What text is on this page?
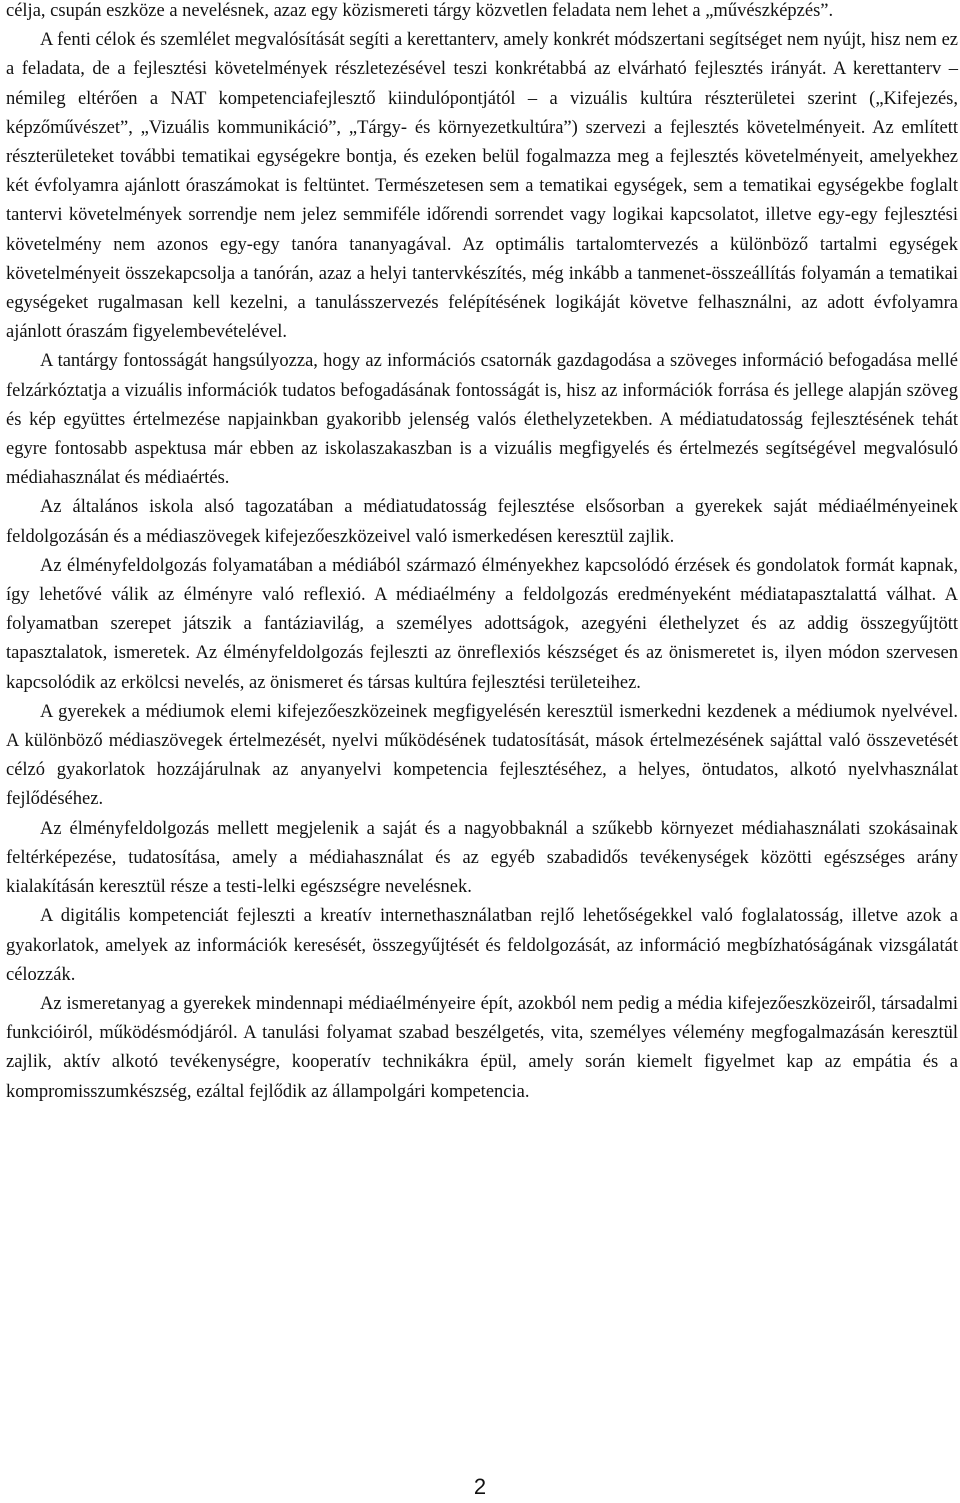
célja, csupán eszköze a nevelésnek, azaz egy közismereti tárgy közvetlen feladata nem lehet a „művészképzés”.

A fenti célok és szemlélet megvalósítását segíti a kerettanterv, amely konkrét módszertani segítséget nem nyújt, hisz nem ez a feladata, de a fejlesztési követelmények részletezésével teszi konkrétabbá az elvárható fejlesztés irányát. A kerettanterv – némileg eltérően a NAT kompetenciafejlesztő kiindulópontjától – a vizuális kultúra részterületei szerint („Kifejezés, képzőművészet”, „Vizuális kommunikáció”, „Tárgy- és környezetkultúra”) szervezi a fejlesztés követelményeit. Az említett részterületeket további tematikai egységekre bontja, és ezeken belül fogalmazza meg a fejlesztés követelményeit, amelyekhez két évfolyamra ajánlott óraszámokat is feltüntet. Természetesen sem a tematikai egységek, sem a tematikai egységekbe foglalt tantervi követelmények sorrendje nem jelez semmiféle időrendi sorrendet vagy logikai kapcsolatot, illetve egy-egy fejlesztési követelmény nem azonos egy-egy tanóra tananyagával. Az optimális tartalomtervezés a különböző tartalmi egységek követelményeit összekapcsolja a tanórán, azaz a helyi tantervkészítés, még inkább a tanmenet-összeállítás folyamán a tematikai egységeket rugalmasan kell kezelni, a tanulásszervezés felépítésének logikáját követve felhasználni, az adott évfolyamra ajánlott óraszám figyelembevételével.

A tantárgy fontosságát hangsúlyozza, hogy az információs csatornák gazdagodása a szöveges információ befogadása mellé felzárkóztatja a vizuális információk tudatos befogadásának fontosságát is, hisz az információk forrása és jellege alapján szöveg és kép együttes értelmezése napjainkban gyakoribb jelenség valós élethelyzetekben. A médiatudatosság fejlesztésének tehát egyre fontosabb aspektusa már ebben az iskolaszakaszban is a vizuális megfigyelés és értelmezés segítségével megvalósuló médiahasználat és médiaértés.

Az általános iskola alsó tagozatában a médiatudatosság fejlesztése elsősorban a gyerekek saját médiaélményeinek feldolgozásán és a médiaszövegek kifejezőeszközeivel való ismerkedésen keresztül zajlik.

Az élményfeldolgozás folyamatában a médiából származó élményekhez kapcsolódó érzések és gondolatok formát kapnak, így lehetővé válik az élményre való reflexió. A médiaélmény a feldolgozás eredményeként médiatapasztalattá válhat. A folyamatban szerepet játszik a fantáziavilág, a személyes adottságok, azegyéni élethelyzet és az addig összegyűjtött tapasztalatok, ismeretek. Az élményfeldolgozás fejleszti az önreflexiós készséget és az önismeretet is, ilyen módon szervesen kapcsolódik az erkölcsi nevelés, az önismeret és társas kultúra fejlesztési területeihez.

A gyerekek a médiumok elemi kifejezőeszközeinek megfigyelésén keresztül ismerkedni kezdenek a médiumok nyelvével. A különböző médiaszövegek értelmezését, nyelvi működésének tudatosítását, mások értelmezésének sajáttal való összevetését célzó gyakorlatok hozzájárulnak az anyanyelvi kompetencia fejlesztéséhez, a helyes, öntudatos, alkotó nyelvhasználat fejlődéséhez.

Az élményfeldolgozás mellett megjelenik a saját és a nagyobbaknál a szűkebb környezet médiahasználati szokásainak feltérképezése, tudatosítása, amely a médiahasználat és az egyéb szabadidős tevékenységek közötti egészséges arány kialakításán keresztül része a testi-lelki egészségre nevelésnek.

A digitális kompetenciát fejleszti a kreatív internethasználatban rejlő lehetőségekkel való foglalatosság, illetve azok a gyakorlatok, amelyek az információk keresését, összegyűjtését és feldolgozását, az információ megbízhatóságának vizsgálatát célozzák.

Az ismeretanyag a gyerekek mindennapi médiaélményeire épít, azokból nem pedig a média kifejezőeszközeiről, társadalmi funkcióiról, működésmódjáról. A tanulási folyamat szabad beszélgetés, vita, személyes vélemény megfogalmazásán keresztül zajlik, aktív alkotó tevékenységre, kooperatív technikákra épül, amely során kiemelt figyelmet kap az empátia és a kompromisszumkészség, ezáltal fejlődik az állampolgári kompetencia.

2
